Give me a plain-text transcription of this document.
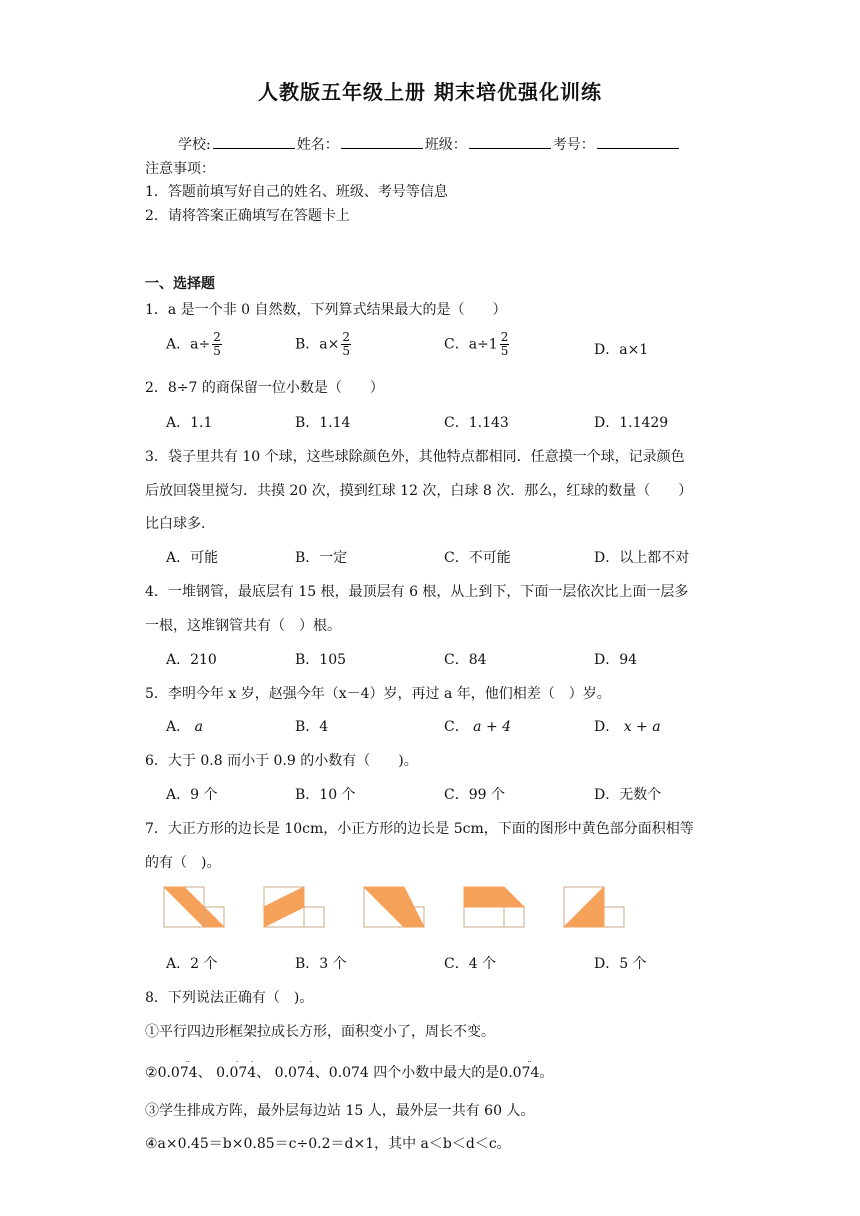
人教版五年级上册 期末培优强化训练
学校:	姓名：	班级：	考号：
注意事项：
1．答题前填写好自己的姓名、班级、考号等信息
2．请将答案正确填写在答题卡上
一、选择题
1．a 是一个非 0 自然数，下列算式结果最大的是（　　）
A．$a\div \frac{2}{5}$	B．$a\times \frac{2}{5}$	C．$a\div 1 \frac{2}{5}$	D．a×1
2．8÷7 的商保留一位小数是（　　）
A．1.1	B．1.14	C．1.143	D．1.1429
3．袋子里共有 10 个球，这些球除颜色外，其他特点都相同．任意摸一个球，记录颜色
后放回袋里搅匀．共摸 20 次，摸到红球 12 次，白球 8 次．那么，红球的数量（　　）
比白球多．
A．可能	B．一定	C．不可能	D．以上都不对
4．一堆钢管，最底层有 15 根，最顶层有 6 根，从上到下，下面一层依次比上面一层多
一根，这堆钢管共有（　）根。
A．210	B．105	C．84	D．94
5．李明今年 x 岁，赵强今年（x－4）岁，再过 a 年，他们相差（　）岁。
A． a	B．4	C． a + 4	D． x + a
6．大于 0.8 而小于 0.9 的小数有（　　)。
A．9 个	B．10 个	C．99 个	D．无数个
7．大正方形的边长是 10cm，小正方形的边长是 5cm，下面的图形中黄色部分面积相等
的有（　)。
A．2 个	B．3 个	C．4 个	D．5 个
8．下列说法正确有（　)。
①平行四边形框架拉成长方形，面积变小了，周长不变。
②0.074
··
、 0.074
· ·
、 0.074
·
、0.074 四个小数中最大的是0.074
··
。
③学生排成方阵，最外层每边站 15 人，最外层一共有 60 人。
④a×0.45＝b×0.85＝c÷0.2＝d×1，其中 a＜b＜d＜c。
